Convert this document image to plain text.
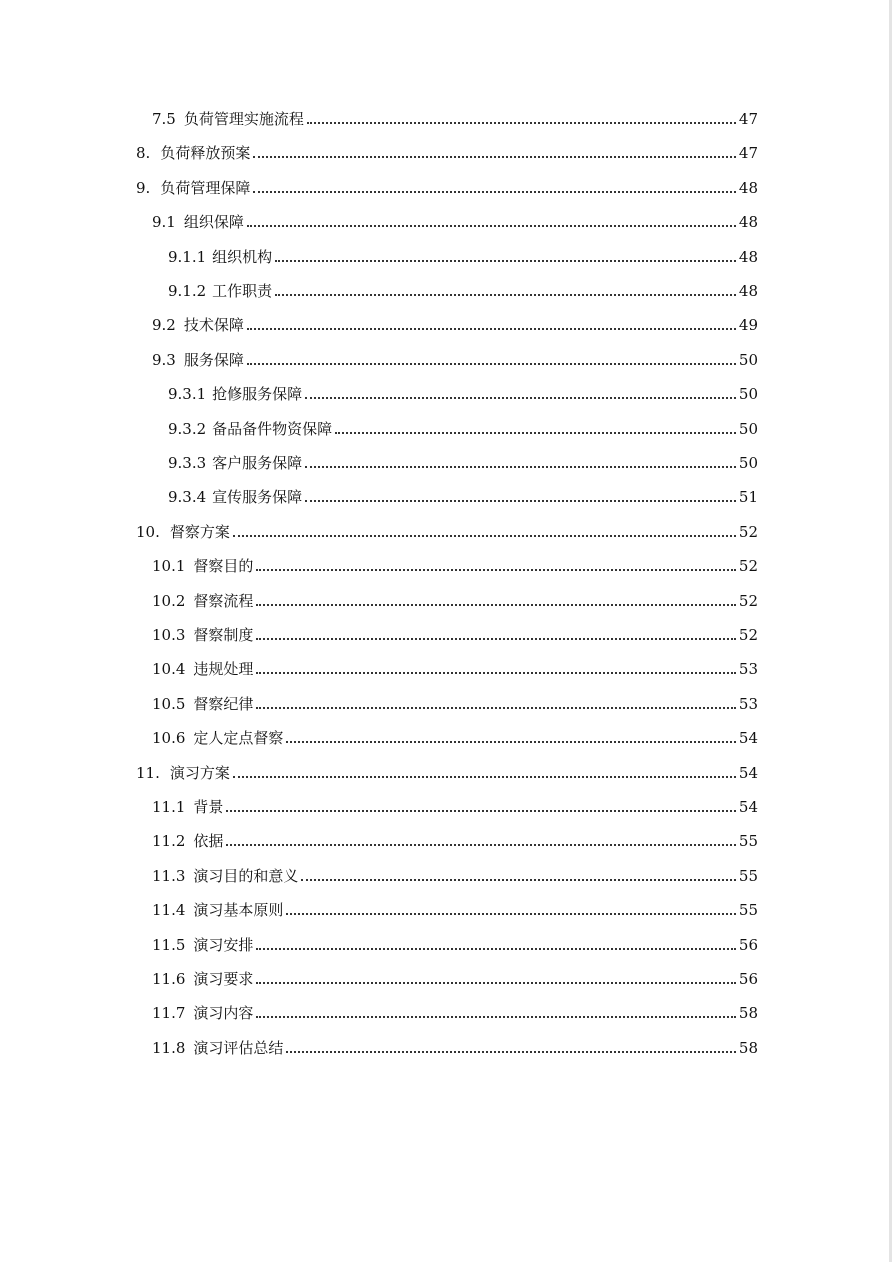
7.5 负荷管理实施流程	47
8. 负荷释放预案	47
9. 负荷管理保障	48
9.1 组织保障	48
9.1.1 组织机构	48
9.1.2 工作职责	48
9.2 技术保障	49
9.3 服务保障	50
9.3.1 抢修服务保障	50
9.3.2 备品备件物资保障	50
9.3.3 客户服务保障	50
9.3.4 宣传服务保障	51
10. 督察方案	52
10.1 督察目的	52
10.2 督察流程	52
10.3 督察制度	52
10.4 违规处理	53
10.5 督察纪律	53
10.6 定人定点督察	54
11. 演习方案	54
11.1 背景	54
11.2 依据	55
11.3 演习目的和意义	55
11.4 演习基本原则	55
11.5 演习安排	56
11.6 演习要求	56
11.7 演习内容	58
11.8 演习评估总结	58
